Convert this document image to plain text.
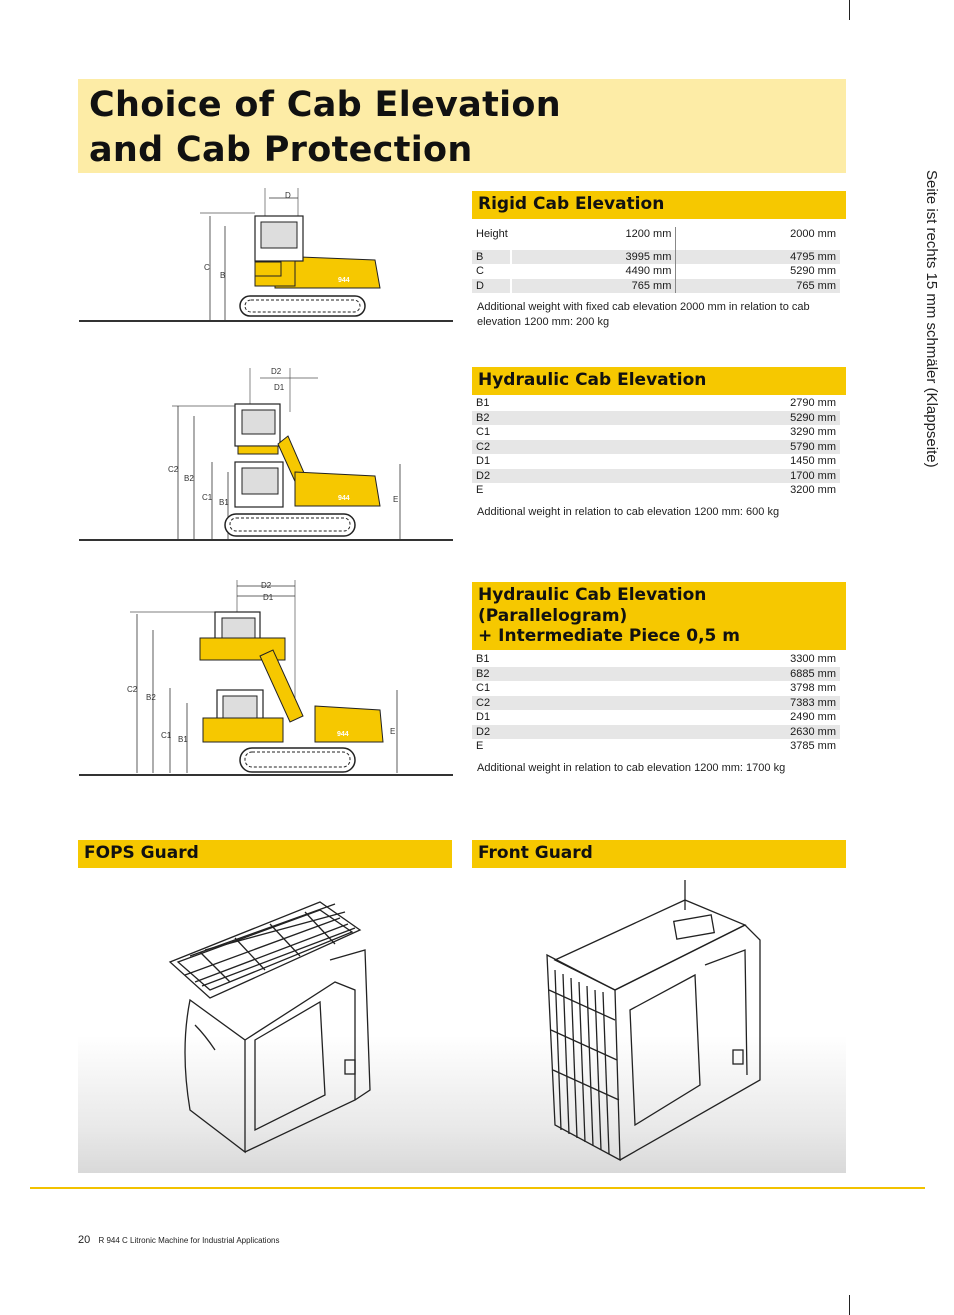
Choice of Cab Elevation
and Cab Protection
Seite ist rechts 15 mm schmäler (Klappseite)
D
C
B
944
Rigid Cab Elevation
Height		1200 mm	2000 mm

B		3995 mm	4795 mm
C		4490 mm	5290 mm
D		765 mm	765 mm
Additional weight with fixed cab elevation 2000 mm in relation to cab elevation 1200 mm: 200 kg
D2
D1
C2
B2
C1
B1	E
944
Hydraulic Cab Elevation
B1	2790 mm
B2	5290 mm
C1	3290 mm
C2	5790 mm
D1	1450 mm
D2	1700 mm
E	3200 mm
Additional weight in relation to cab elevation 1200 mm: 600 kg
D2
D1
C2
B2
C1 B1
E
944
Hydraulic Cab Elevation
(Parallelogram)
+ Intermediate Piece 0,5 m
B1	3300 mm
B2	6885 mm
C1	3798 mm
C2	7383 mm
D1	2490 mm
D2	2630 mm
E	3785 mm
Additional weight in relation to cab elevation 1200 mm: 1700 kg
FOPS Guard	Front Guard
20 R 944 C Litronic Machine for Industrial Applications
